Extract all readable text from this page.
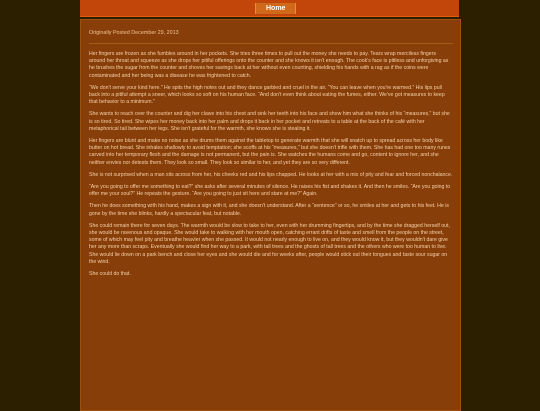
Home
Originally Posted December 29, 2013

Her fingers are frozen as she fumbles around in her pockets. She tries three times to pull out the money she needs to pay. Tears wrap merciless fingers around her throat and squeeze as she drops her pitiful offerings onto the counter and she knows it isn't enough. The cook's face is pitiless and unforgiving as he brushes the sugar from the counter and shoves her savings back at her without even counting, shielding his hands with a rag as if the coins were contaminated and her being was a disease he was frightened to catch.

“We don't serve your kind here.” He spits the high notes out and they dance garbled and cruel in the air. “You can leave when you're warmed.” His lips pull back into a pitiful attempt a sneer, which looks so soft on his human face. “And don't even think about eating the fumes, either. We've got measures to keep that behavior to a minimum.”

She wants to reach over the counter and dig her claws into his chest and sink her teeth into his face and show him what she thinks of his “measures,” but she is so tired. So tired. She wipes her money back into her palm and drops it back in her pocket and retreats to a table at the back of the café with her metaphorical tail between her legs. She isn't grateful for the warmth, she knows she is stealing it.

Her fingers are blunt and make no noise as she drums them against the tabletop to generate warmth that she will snatch up to spread across her body like butter on hot bread. She inhales shallowly to avoid temptation; she scoffs at his “measures,” but she doesn't trifle with them. She has had one too many runes carved into her temporary flesh and the damage is not permanent, but the pain is. She watches the humans come and go, content to ignore her, and she neither envies nor detests them. They look so small. They look so similar to her, and yet they are so very different.

She is not surprised when a man sits across from her, his cheeks red and his lips chapped. He looks at her with a mix of pity and fear and forced nonchalance.

“Are you going to offer me something to eat?” she asks after several minutes of silence. He raises his fist and shakes it. And then he smiles. “Are you going to offer me your soul?” He repeats the gesture. “Are you going to just sit here and stare at me?” Again.

Then he does something with his hand, makes a sign with it, and she doesn't understand. After a “sentence” or so, he smiles at her and gets to his feet. He is gone by the time she blinks, hardly a spectacular feat, but notable.

She could remain there for seven days. The warmth would be slow to take to her, even with her drumming fingertips, and by the time she dragged herself out, she would be ravenous and opaque. She would take to walking with her mouth open, catching errant drifts of taste and smell from the people on the street, some of which may feel pity and breathe heavier when she passed. It would not nearly enough to live on, and they would know it, but they wouldn't dare give her any more than scraps. Eventually she would find her way to a park, with tall trees and the ghosts of tall trees and the others who were too human to live. She would lie down on a park bench and close her eyes and she would die and for weeks after, people would stick out their tongues and taste sour sugar on the wind.

She could do that.
